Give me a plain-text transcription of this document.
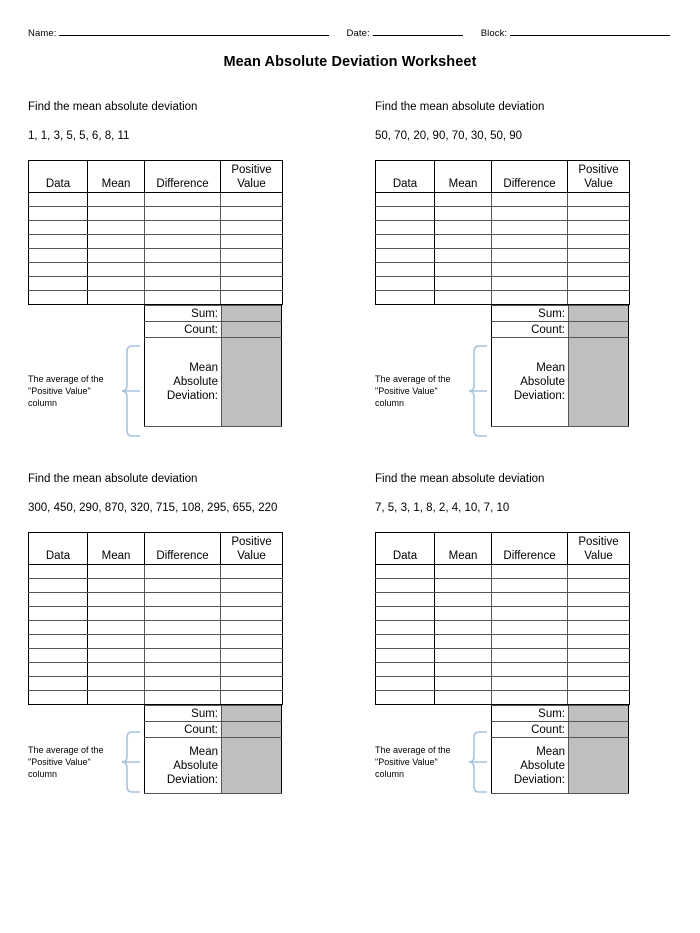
Name:	Date:	Block:
Mean Absolute Deviation Worksheet
Find the mean absolute deviation
1, 1, 3, 5, 5, 6, 8, 11
Data	Mean	Difference	Positive
Value

Sum:	
Count:	
Mean
Absolute
Deviation:	
The average of the
"Positive Value"
column
Find the mean absolute deviation
50, 70, 20, 90, 70, 30, 50, 90
Data	Mean	Difference	Positive
Value

Sum:	
Count:	
Mean
Absolute
Deviation:	
The average of the
"Positive Value"
column
Find the mean absolute deviation
300, 450, 290, 870, 320, 715, 108, 295, 655, 220
Data	Mean	Difference	Positive
Value

Sum:	
Count:	
Mean
Absolute
Deviation:	
The average of the
"Positive Value"
column
Find the mean absolute deviation
7, 5, 3, 1, 8, 2, 4, 10, 7, 10
Data	Mean	Difference	Positive
Value

Sum:	
Count:	
Mean
Absolute
Deviation:	
The average of the
"Positive Value"
column
